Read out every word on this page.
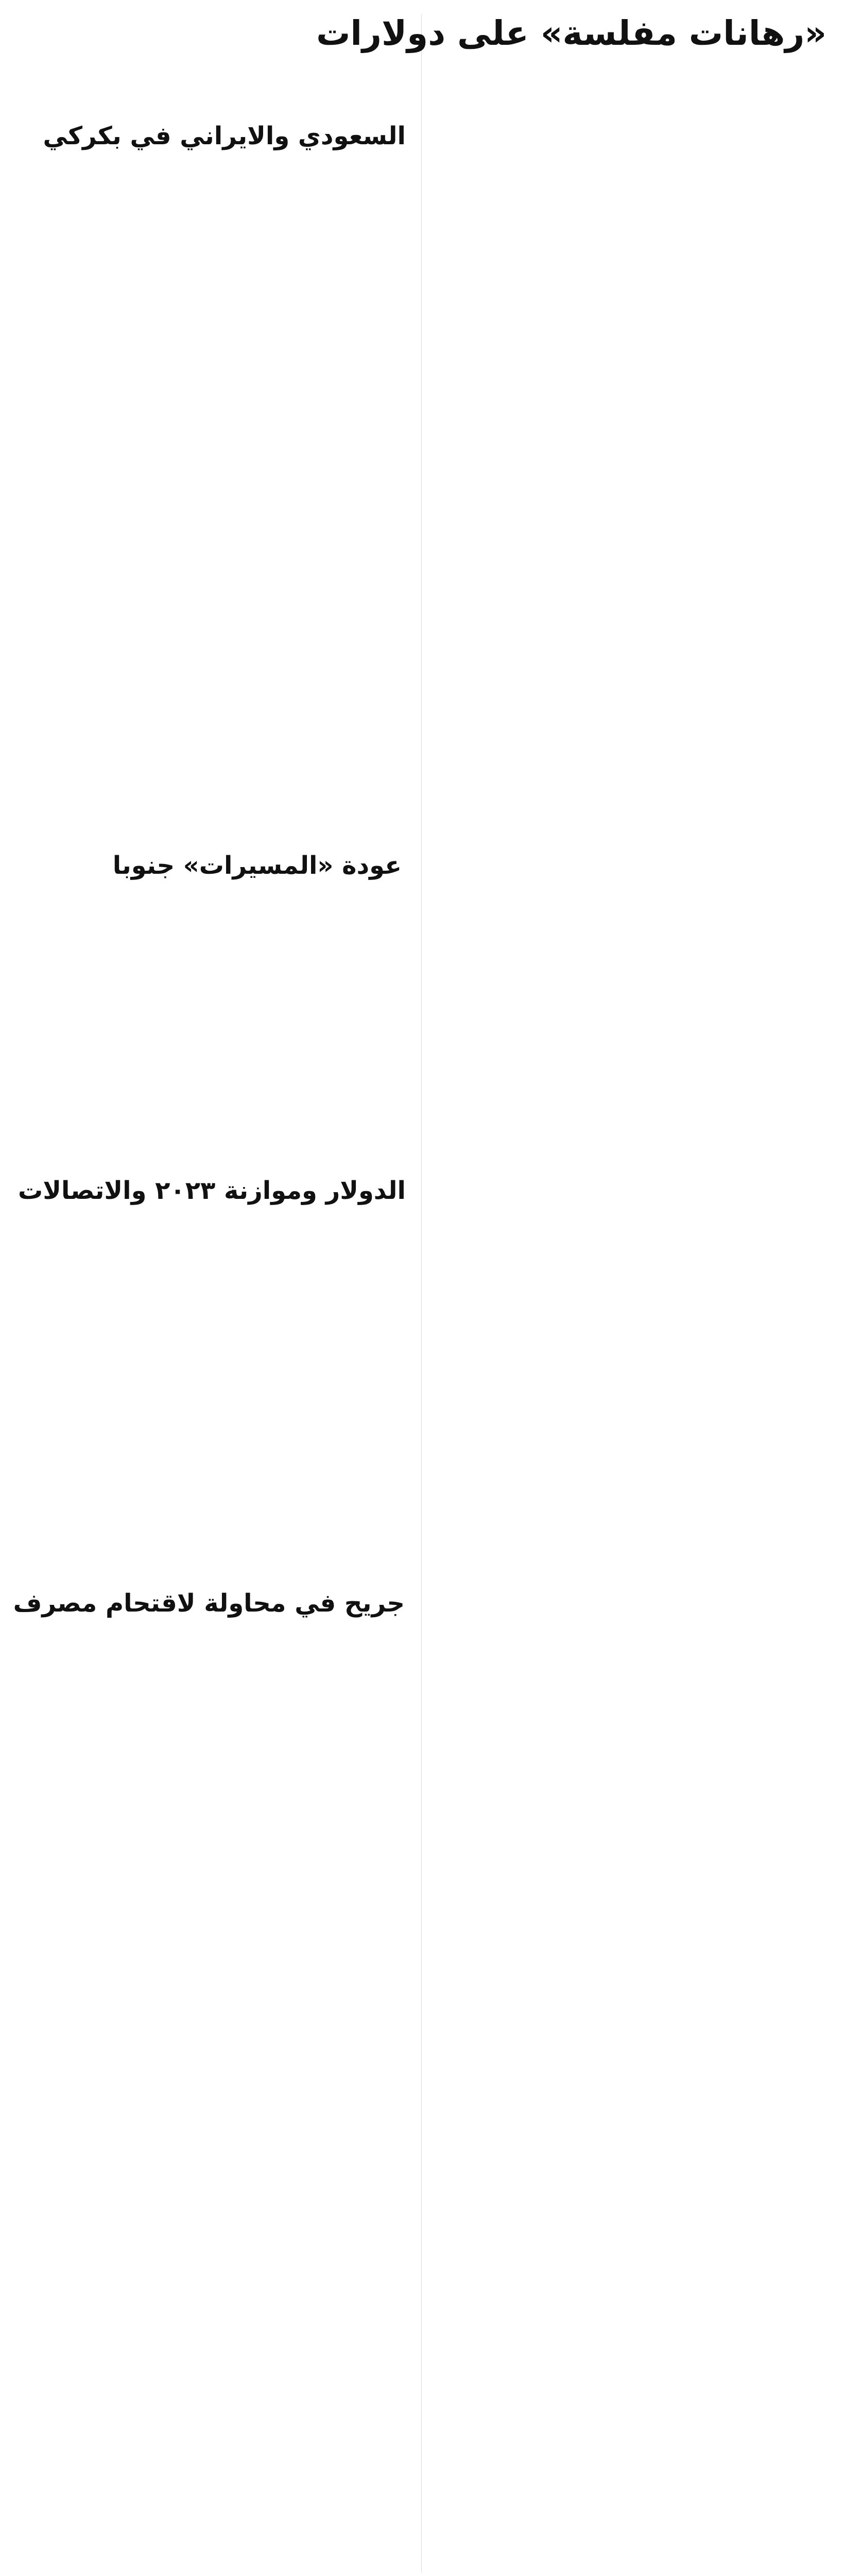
«رهانات مفلسة» على دولارات
السعودي والايراني في بكركي
عودة «المسيرات» جنوبا
الدولار وموازنة ٢٠٢٣ والاتصالات
جريح في محاولة لاقتحام مصرف
